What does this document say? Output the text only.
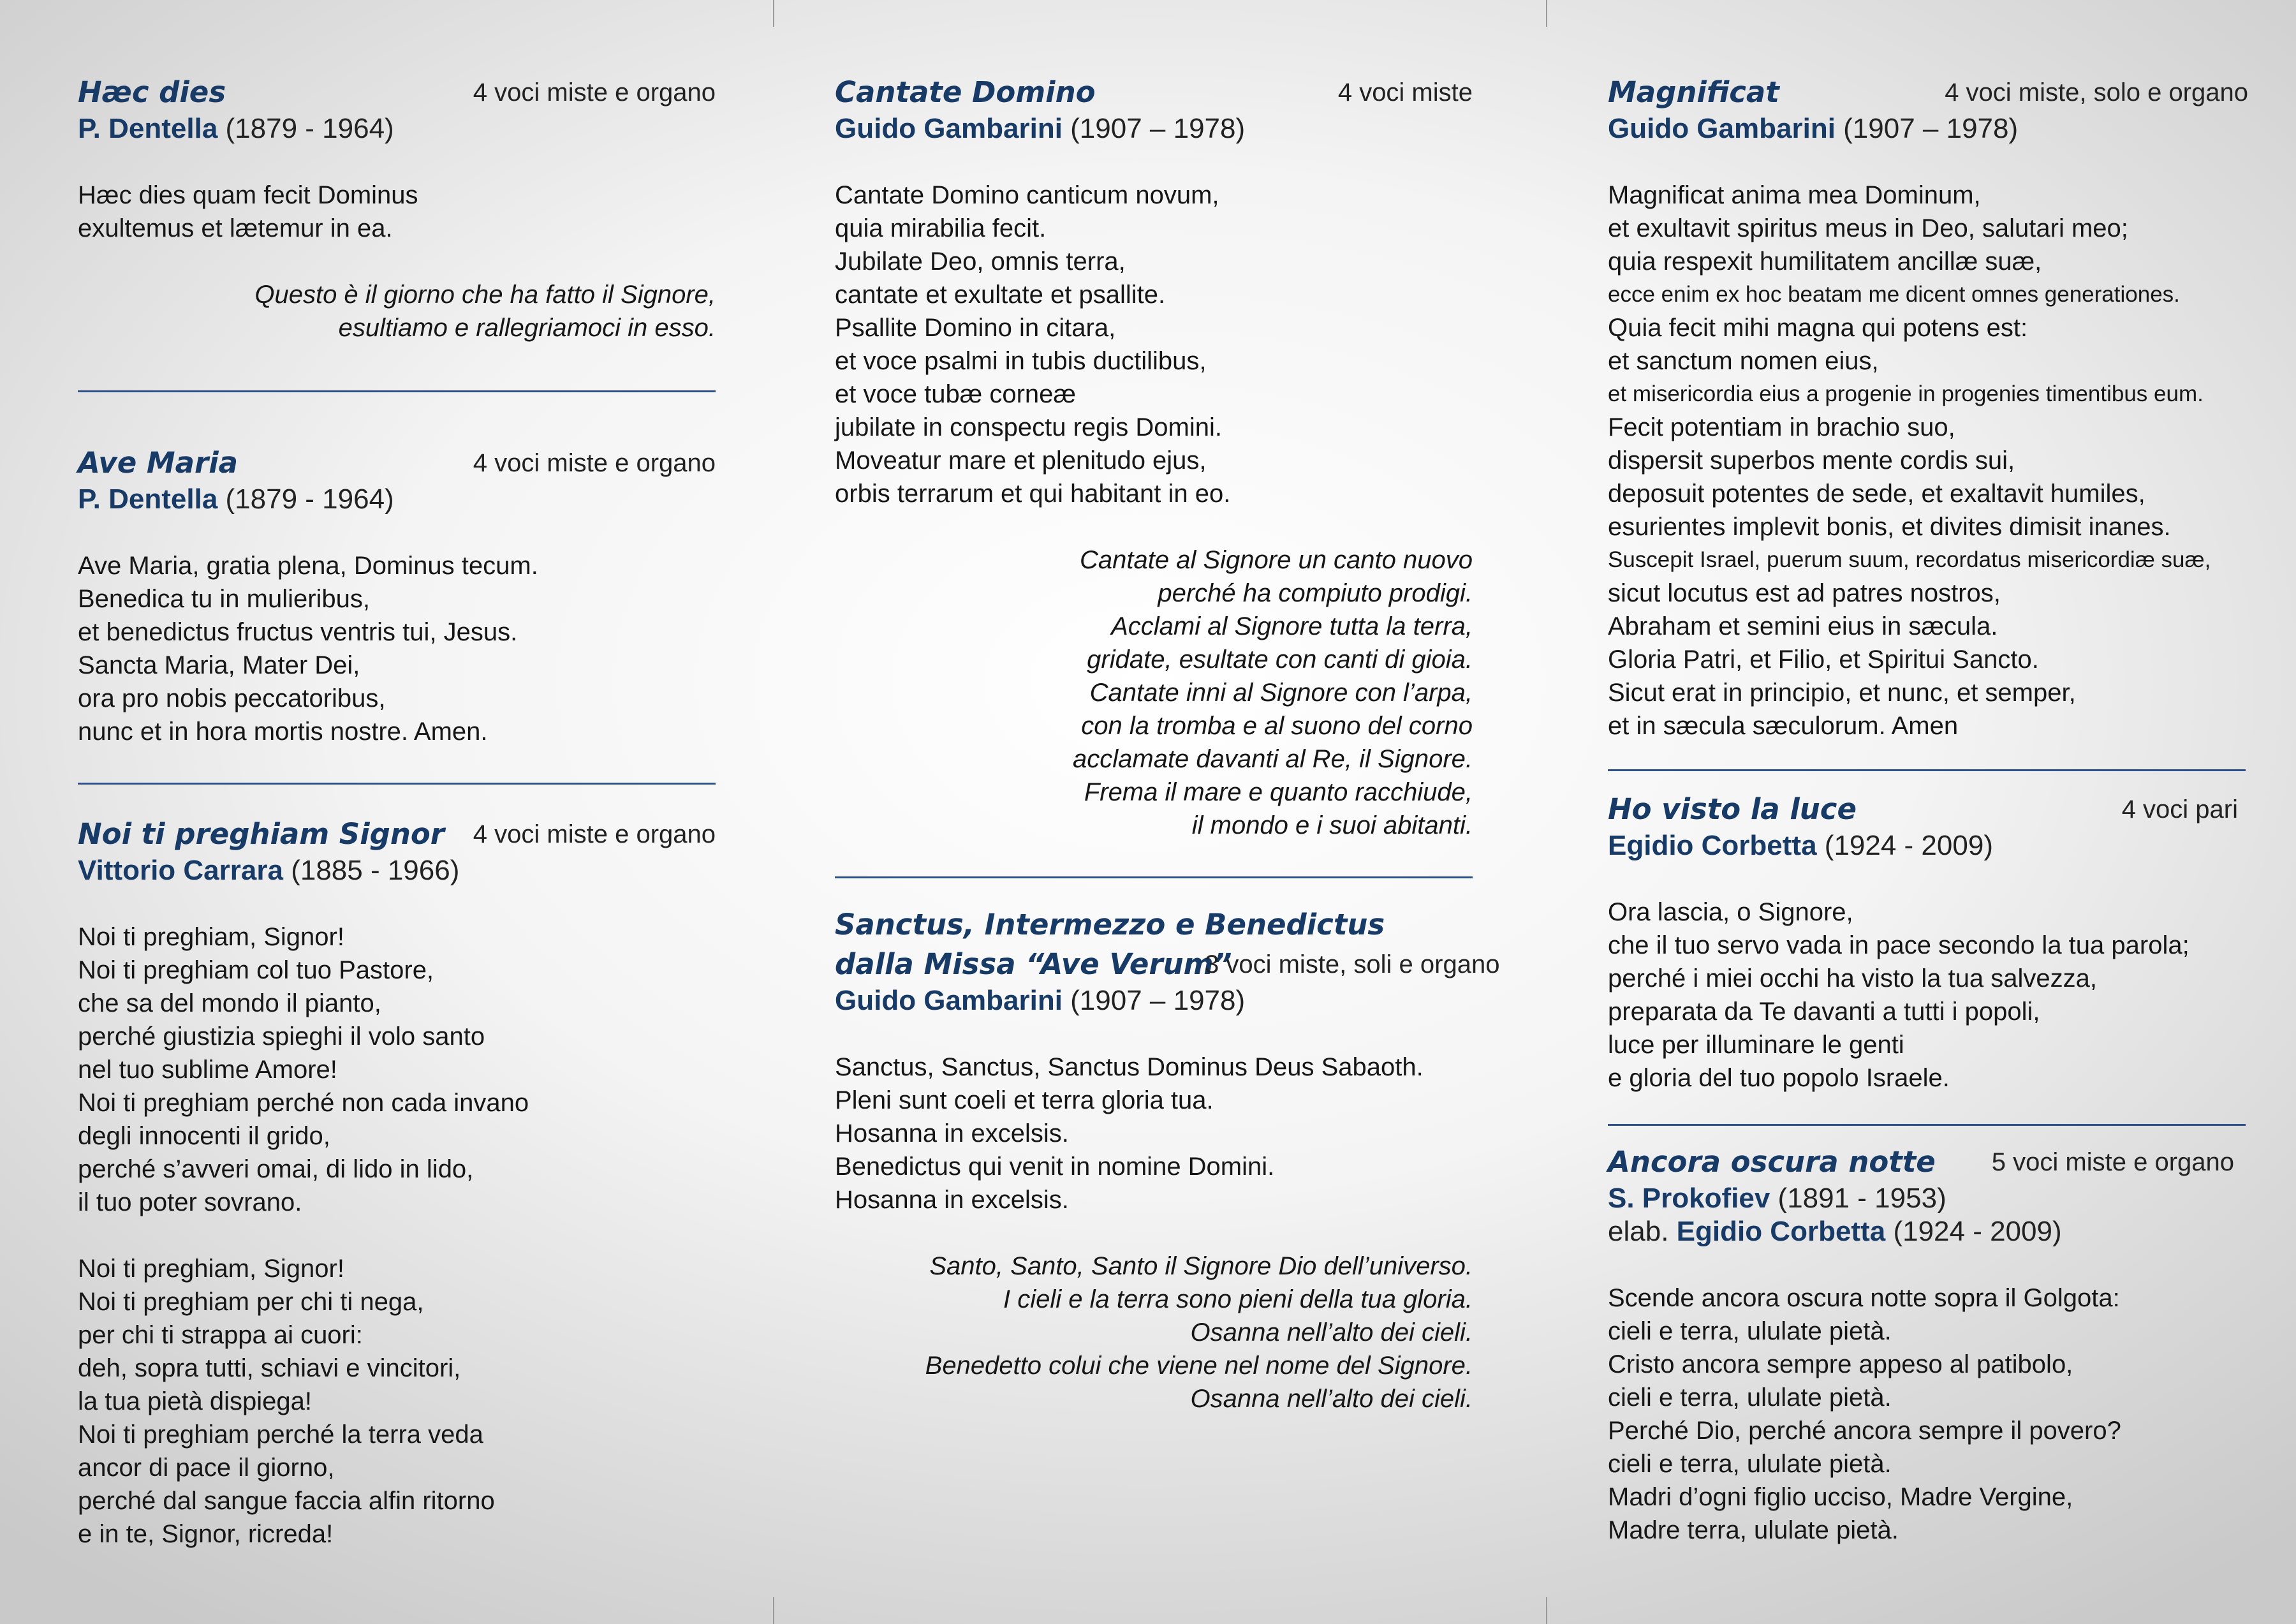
Hæc dies	4 voci miste e organo
P. Dentella (1879 - 1964)
Hæc dies quam fecit Dominus
exultemus et lætemur in ea.
Questo è il giorno che ha fatto il Signore,
esultiamo e rallegriamoci in esso.
Ave Maria	4 voci miste e organo
P. Dentella (1879 - 1964)
Ave Maria, gratia plena, Dominus tecum.
Benedica tu in mulieribus,
et benedictus fructus ventris tui, Jesus.
Sancta Maria, Mater Dei,
ora pro nobis peccatoribus,
nunc et in hora mortis nostre. Amen.
Noi ti preghiam Signor 4 voci miste e organo
Vittorio Carrara (1885 - 1966)
Noi ti preghiam, Signor!
Noi ti preghiam col tuo Pastore,
che sa del mondo il pianto,
perché giustizia spieghi il volo santo
nel tuo sublime Amore!
Noi ti preghiam perché non cada invano
degli innocenti il grido,
perché s’avveri omai, di lido in lido,
il tuo poter sovrano.
Noi ti preghiam, Signor!
Noi ti preghiam per chi ti nega,
per chi ti strappa ai cuori:
deh, sopra tutti, schiavi e vincitori,
la tua pietà dispiega!
Noi ti preghiam perché la terra veda
ancor di pace il giorno,
perché dal sangue faccia alfin ritorno
e in te, Signor, ricreda!
Cantate Domino	4 voci miste
Guido Gambarini (1907 – 1978)
Cantate Domino canticum novum,
quia mirabilia fecit.
Jubilate Deo, omnis terra,
cantate et exultate et psallite.
Psallite Domino in citara,
et voce psalmi in tubis ductilibus,
et voce tubæ corneæ
jubilate in conspectu regis Domini.
Moveatur mare et plenitudo ejus,
orbis terrarum et qui habitant in eo.
Cantate al Signore un canto nuovo
perché ha compiuto prodigi.
Acclami al Signore tutta la terra,
gridate, esultate con canti di gioia.
Cantate inni al Signore con l’arpa,
con la tromba e al suono del corno
acclamate davanti al Re, il Signore.
Frema il mare e quanto racchiude,
il mondo e i suoi abitanti.
Sanctus, Intermezzo e Benedictus
dalla Missa “Ave Verum”
3 voci miste, soli e organo
Guido Gambarini (1907 – 1978)
Sanctus, Sanctus, Sanctus Dominus Deus Sabaoth.
Pleni sunt coeli et terra gloria tua.
Hosanna in excelsis.
Benedictus qui venit in nomine Domini.
Hosanna in excelsis.
Santo, Santo, Santo il Signore Dio dell’universo.
I cieli e la terra sono pieni della tua gloria.
Osanna nell’alto dei cieli.
Benedetto colui che viene nel nome del Signore.
Osanna nell’alto dei cieli.
Magnificat	4 voci miste, solo e organo
Guido Gambarini (1907 – 1978)
Magnificat anima mea Dominum,
et exultavit spiritus meus in Deo, salutari meo;
quia respexit humilitatem ancillæ suæ,
ecce enim ex hoc beatam me dicent omnes generationes.
Quia fecit mihi magna qui potens est:
et sanctum nomen eius,
et misericordia eius a progenie in progenies timentibus eum.
Fecit potentiam in brachio suo,
dispersit superbos mente cordis sui,
deposuit potentes de sede, et exaltavit humiles,
esurientes implevit bonis, et divites dimisit inanes.
Suscepit Israel, puerum suum, recordatus misericordiæ suæ,
sicut locutus est ad patres nostros,
Abraham et semini eius in sæcula.
Gloria Patri, et Filio, et Spiritui Sancto.
Sicut erat in principio, et nunc, et semper,
et in sæcula sæculorum. Amen
Ho visto la luce	4 voci pari
Egidio Corbetta (1924 - 2009)
Ora lascia, o Signore,
che il tuo servo vada in pace secondo la tua parola;
perché i miei occhi ha visto la tua salvezza,
preparata da Te davanti a tutti i popoli,
luce per illuminare le genti
e gloria del tuo popolo Israele.
Ancora oscura notte 5 voci miste e organo
S. Prokofiev (1891 - 1953)
elab. Egidio Corbetta (1924 - 2009)
Scende ancora oscura notte sopra il Golgota:
cieli e terra, ululate pietà.
Cristo ancora sempre appeso al patibolo,
cieli e terra, ululate pietà.
Perché Dio, perché ancora sempre il povero?
cieli e terra, ululate pietà.
Madri d’ogni figlio ucciso, Madre Vergine,
Madre terra, ululate pietà.
